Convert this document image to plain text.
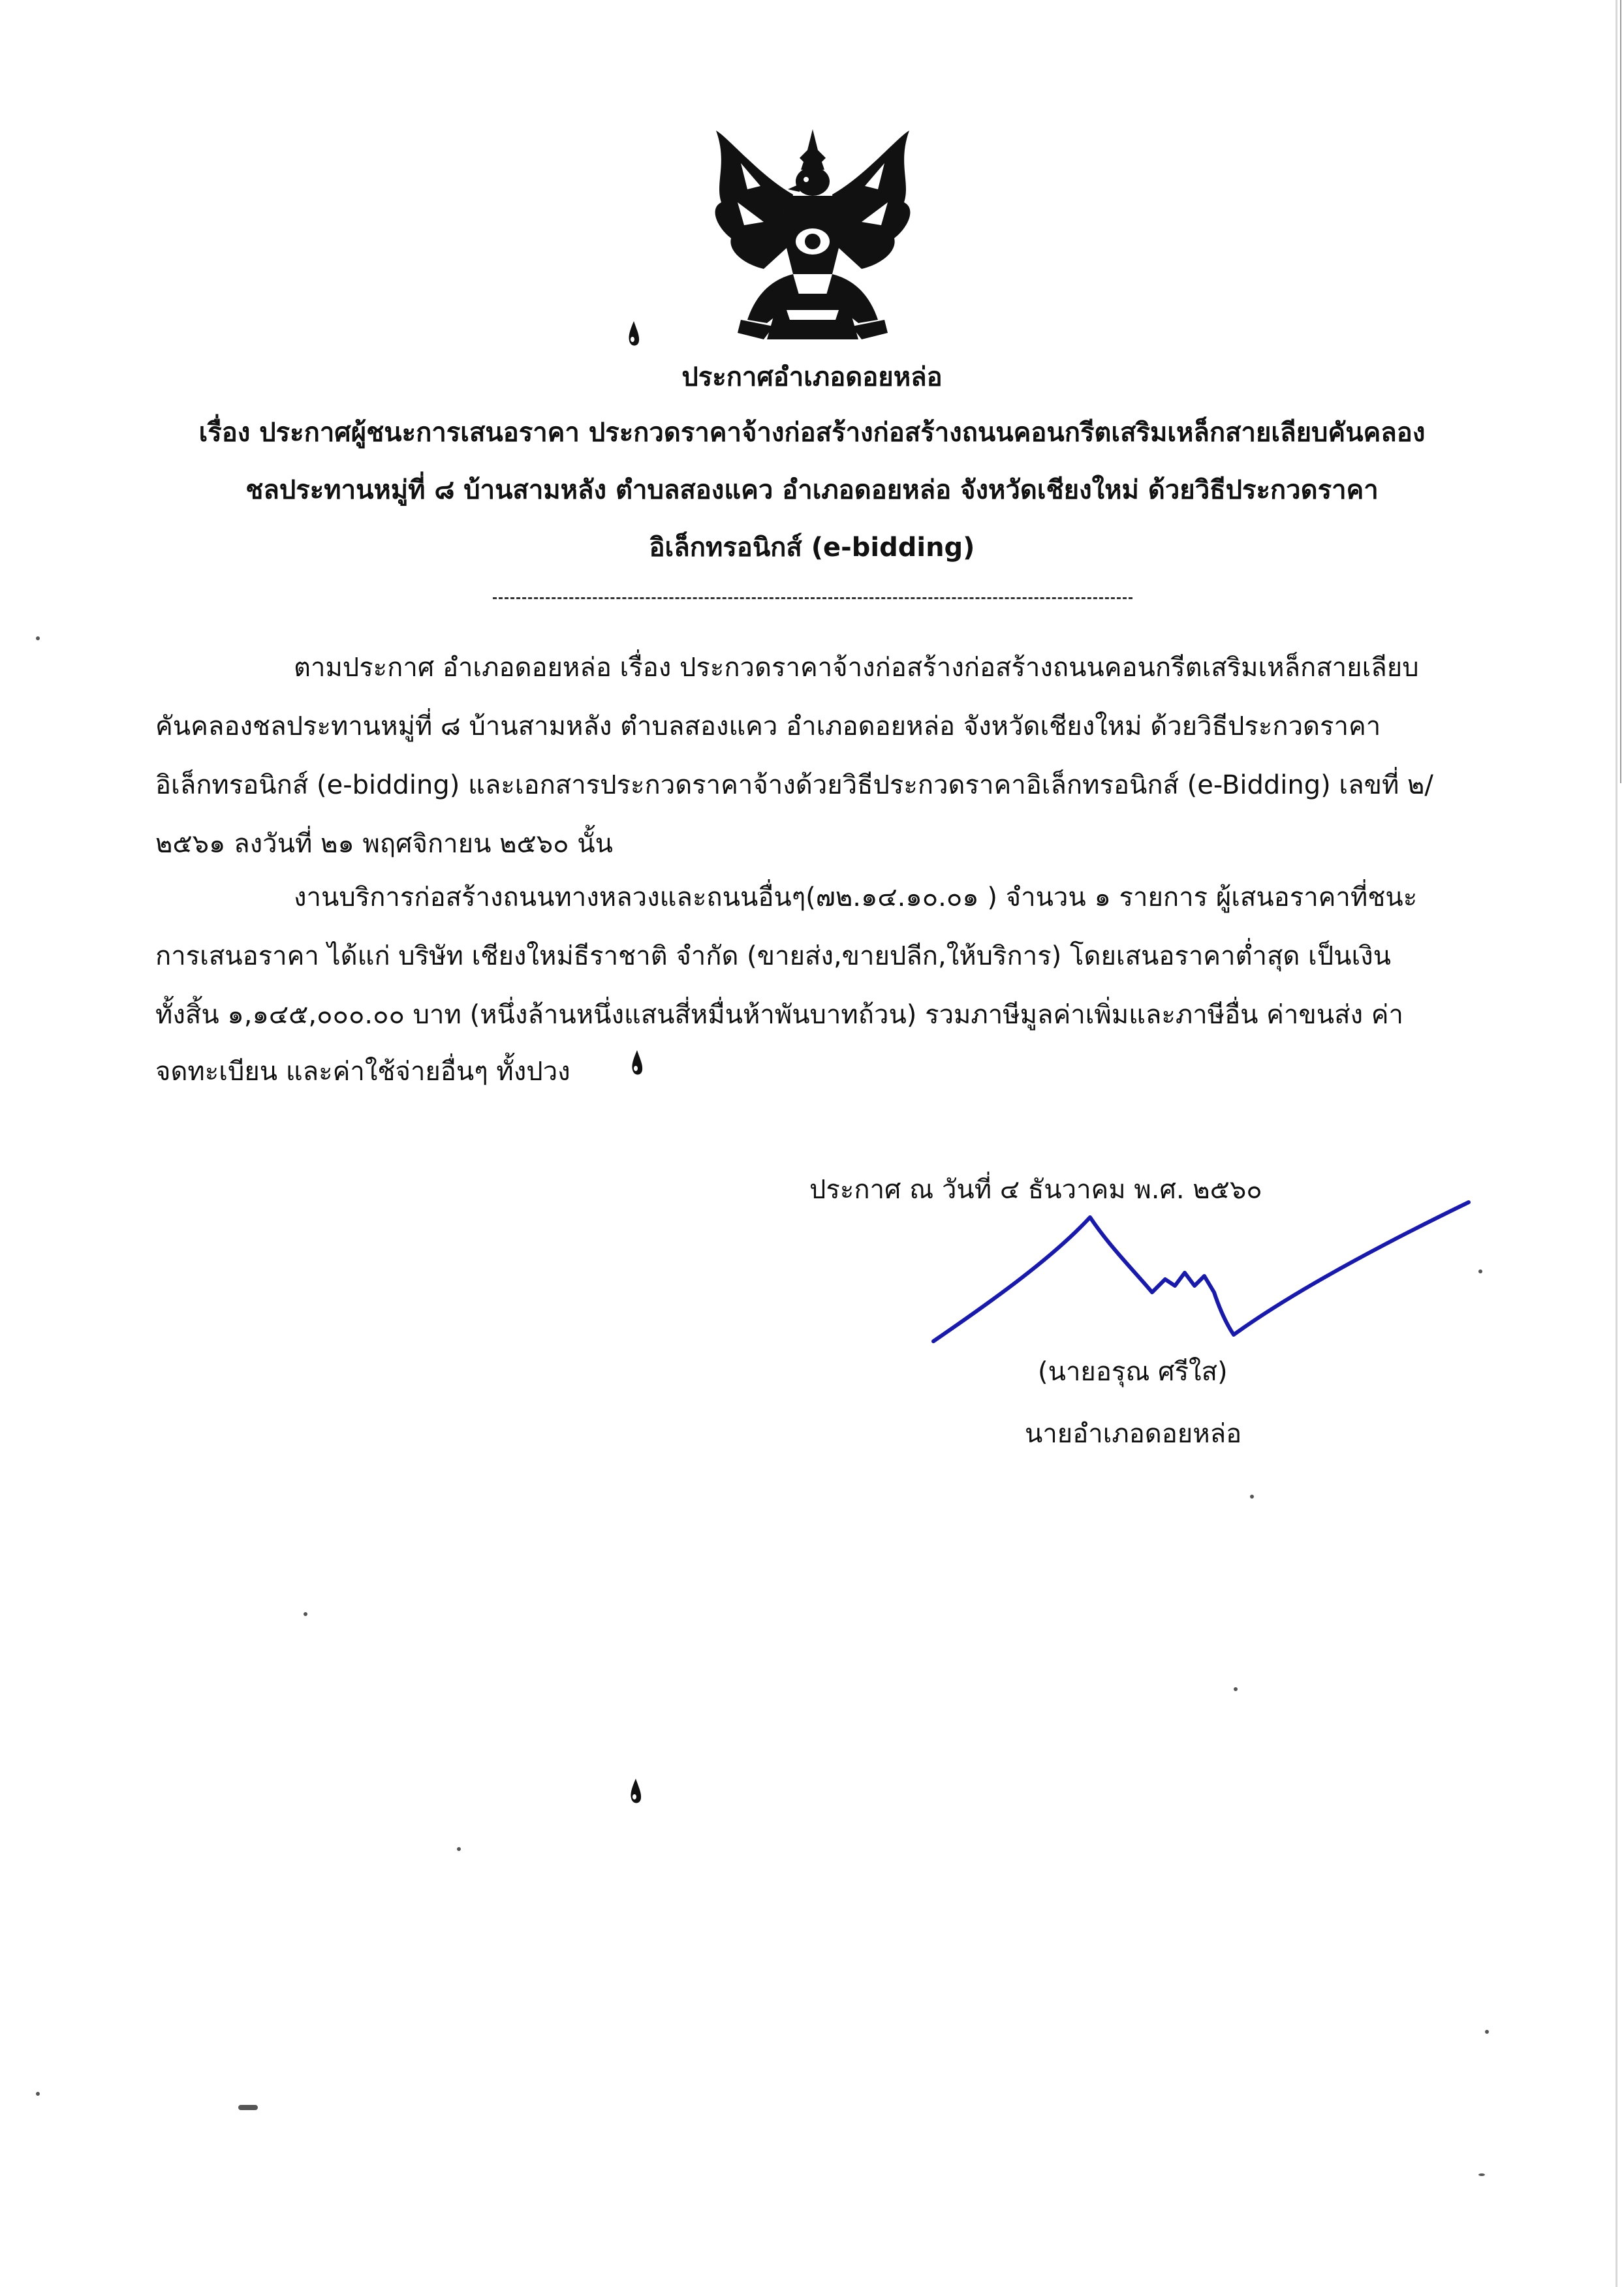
ประกาศอำเภอดอยหล่อ
เรื่อง ประกาศผู้ชนะการเสนอราคา ประกวดราคาจ้างก่อสร้างก่อสร้างถนนคอนกรีตเสริมเหล็กสายเลียบคันคลอง
ชลประทานหมู่ที่ ๘ บ้านสามหลัง ตำบลสองแคว อำเภอดอยหล่อ จังหวัดเชียงใหม่ ด้วยวิธีประกวดราคา
อิเล็กทรอนิกส์ (e-bidding)
ตามประกาศ อำเภอดอยหล่อ เรื่อง ประกวดราคาจ้างก่อสร้างก่อสร้างถนนคอนกรีตเสริมเหล็กสายเลียบ
คันคลองชลประทานหมู่ที่ ๘ บ้านสามหลัง ตำบลสองแคว อำเภอดอยหล่อ จังหวัดเชียงใหม่ ด้วยวิธีประกวดราคา
อิเล็กทรอนิกส์ (e-bidding) และเอกสารประกวดราคาจ้างด้วยวิธีประกวดราคาอิเล็กทรอนิกส์ (e-Bidding) เลขที่ ๒/
๒๕๖๑ ลงวันที่ ๒๑ พฤศจิกายน ๒๕๖๐ นั้น
งานบริการก่อสร้างถนนทางหลวงและถนนอื่นๆ(๗๒.๑๔.๑๐.๐๑ ) จำนวน ๑ รายการ ผู้เสนอราคาที่ชนะ
การเสนอราคา ได้แก่ บริษัท เชียงใหม่ธีราชาติ จำกัด (ขายส่ง,ขายปลีก,ให้บริการ) โดยเสนอราคาต่ำสุด เป็นเงิน
ทั้งสิ้น ๑,๑๔๕,๐๐๐.๐๐ บาท (หนึ่งล้านหนึ่งแสนสี่หมื่นห้าพันบาทถ้วน) รวมภาษีมูลค่าเพิ่มและภาษีอื่น ค่าขนส่ง ค่า
จดทะเบียน และค่าใช้จ่ายอื่นๆ ทั้งปวง
ประกาศ ณ วันที่ ๔ ธันวาคม พ.ศ. ๒๕๖๐
(นายอรุณ ศรีใส)
นายอำเภอดอยหล่อ
